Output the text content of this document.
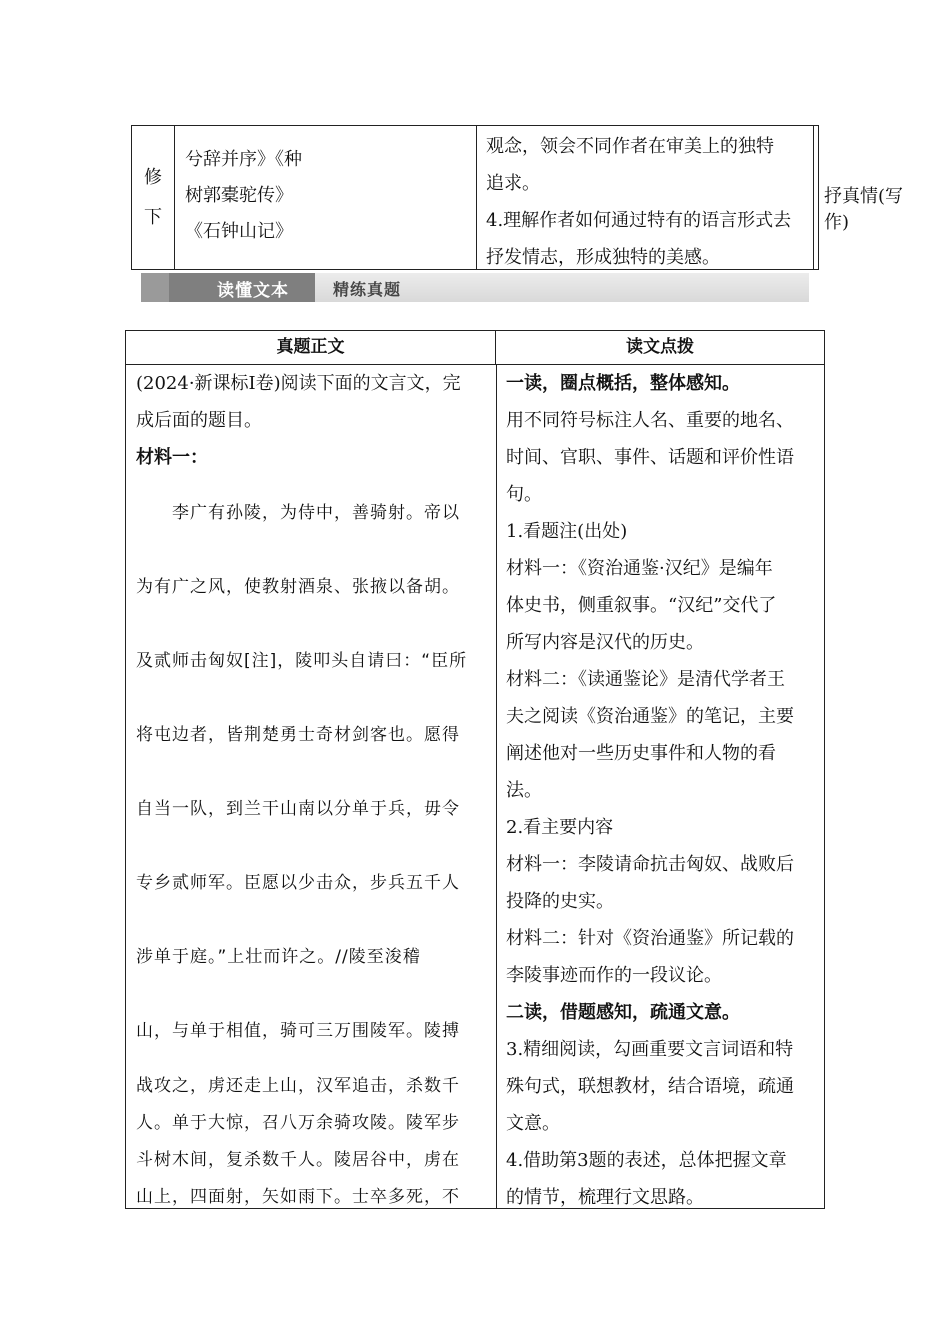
修
下
兮辞并序》《种
树郭橐驼传》
《石钟山记》
观念，领会不同作者在审美上的独特
追求。
4.理解作者如何通过特有的语言形式去
抒发情志，形成独特的美感。
抒真情(写作)
读懂文本	精练真题
真题正文	读文点拨
(2024·新课标Ⅰ卷)阅读下面的文言文，完
成后面的题目。
材料一：
　　李广有孙陵，为侍中，善骑射。帝以
为有广之风，使教射酒泉、张掖以备胡。
及贰师击匈奴[注]，陵叩头自请曰：“臣所
将屯边者，皆荆楚勇士奇材剑客也。愿得
自当一队，到兰干山南以分单于兵，毋令
专乡贰师军。臣愿以少击众，步兵五千人
涉单于庭。”上壮而许之。//陵至浚稽
山，与单于相值，骑可三万围陵军。陵搏
战攻之，虏还走上山，汉军追击，杀数千
人。单于大惊，召八万余骑攻陵。陵军步
斗树木间，复杀数千人。陵居谷中，虏在
山上，四面射，矢如雨下。士卒多死，不
一读，圈点概括，整体感知。
用不同符号标注人名、重要的地名、
时间、官职、事件、话题和评价性语
句。
1.看题注(出处)
材料一：《资治通鉴·汉纪》是编年
体史书，侧重叙事。“汉纪”交代了
所写内容是汉代的历史。
材料二：《读通鉴论》是清代学者王
夫之阅读《资治通鉴》的笔记，主要
阐述他对一些历史事件和人物的看
法。
2.看主要内容
材料一：李陵请命抗击匈奴、战败后
投降的史实。
材料二：针对《资治通鉴》所记载的
李陵事迹而作的一段议论。
二读，借题感知，疏通文意。
3.精细阅读，勾画重要文言词语和特
殊句式，联想教材，结合语境，疏通
文意。
4.借助第3题的表述，总体把握文章
的情节，梳理行文思路。
